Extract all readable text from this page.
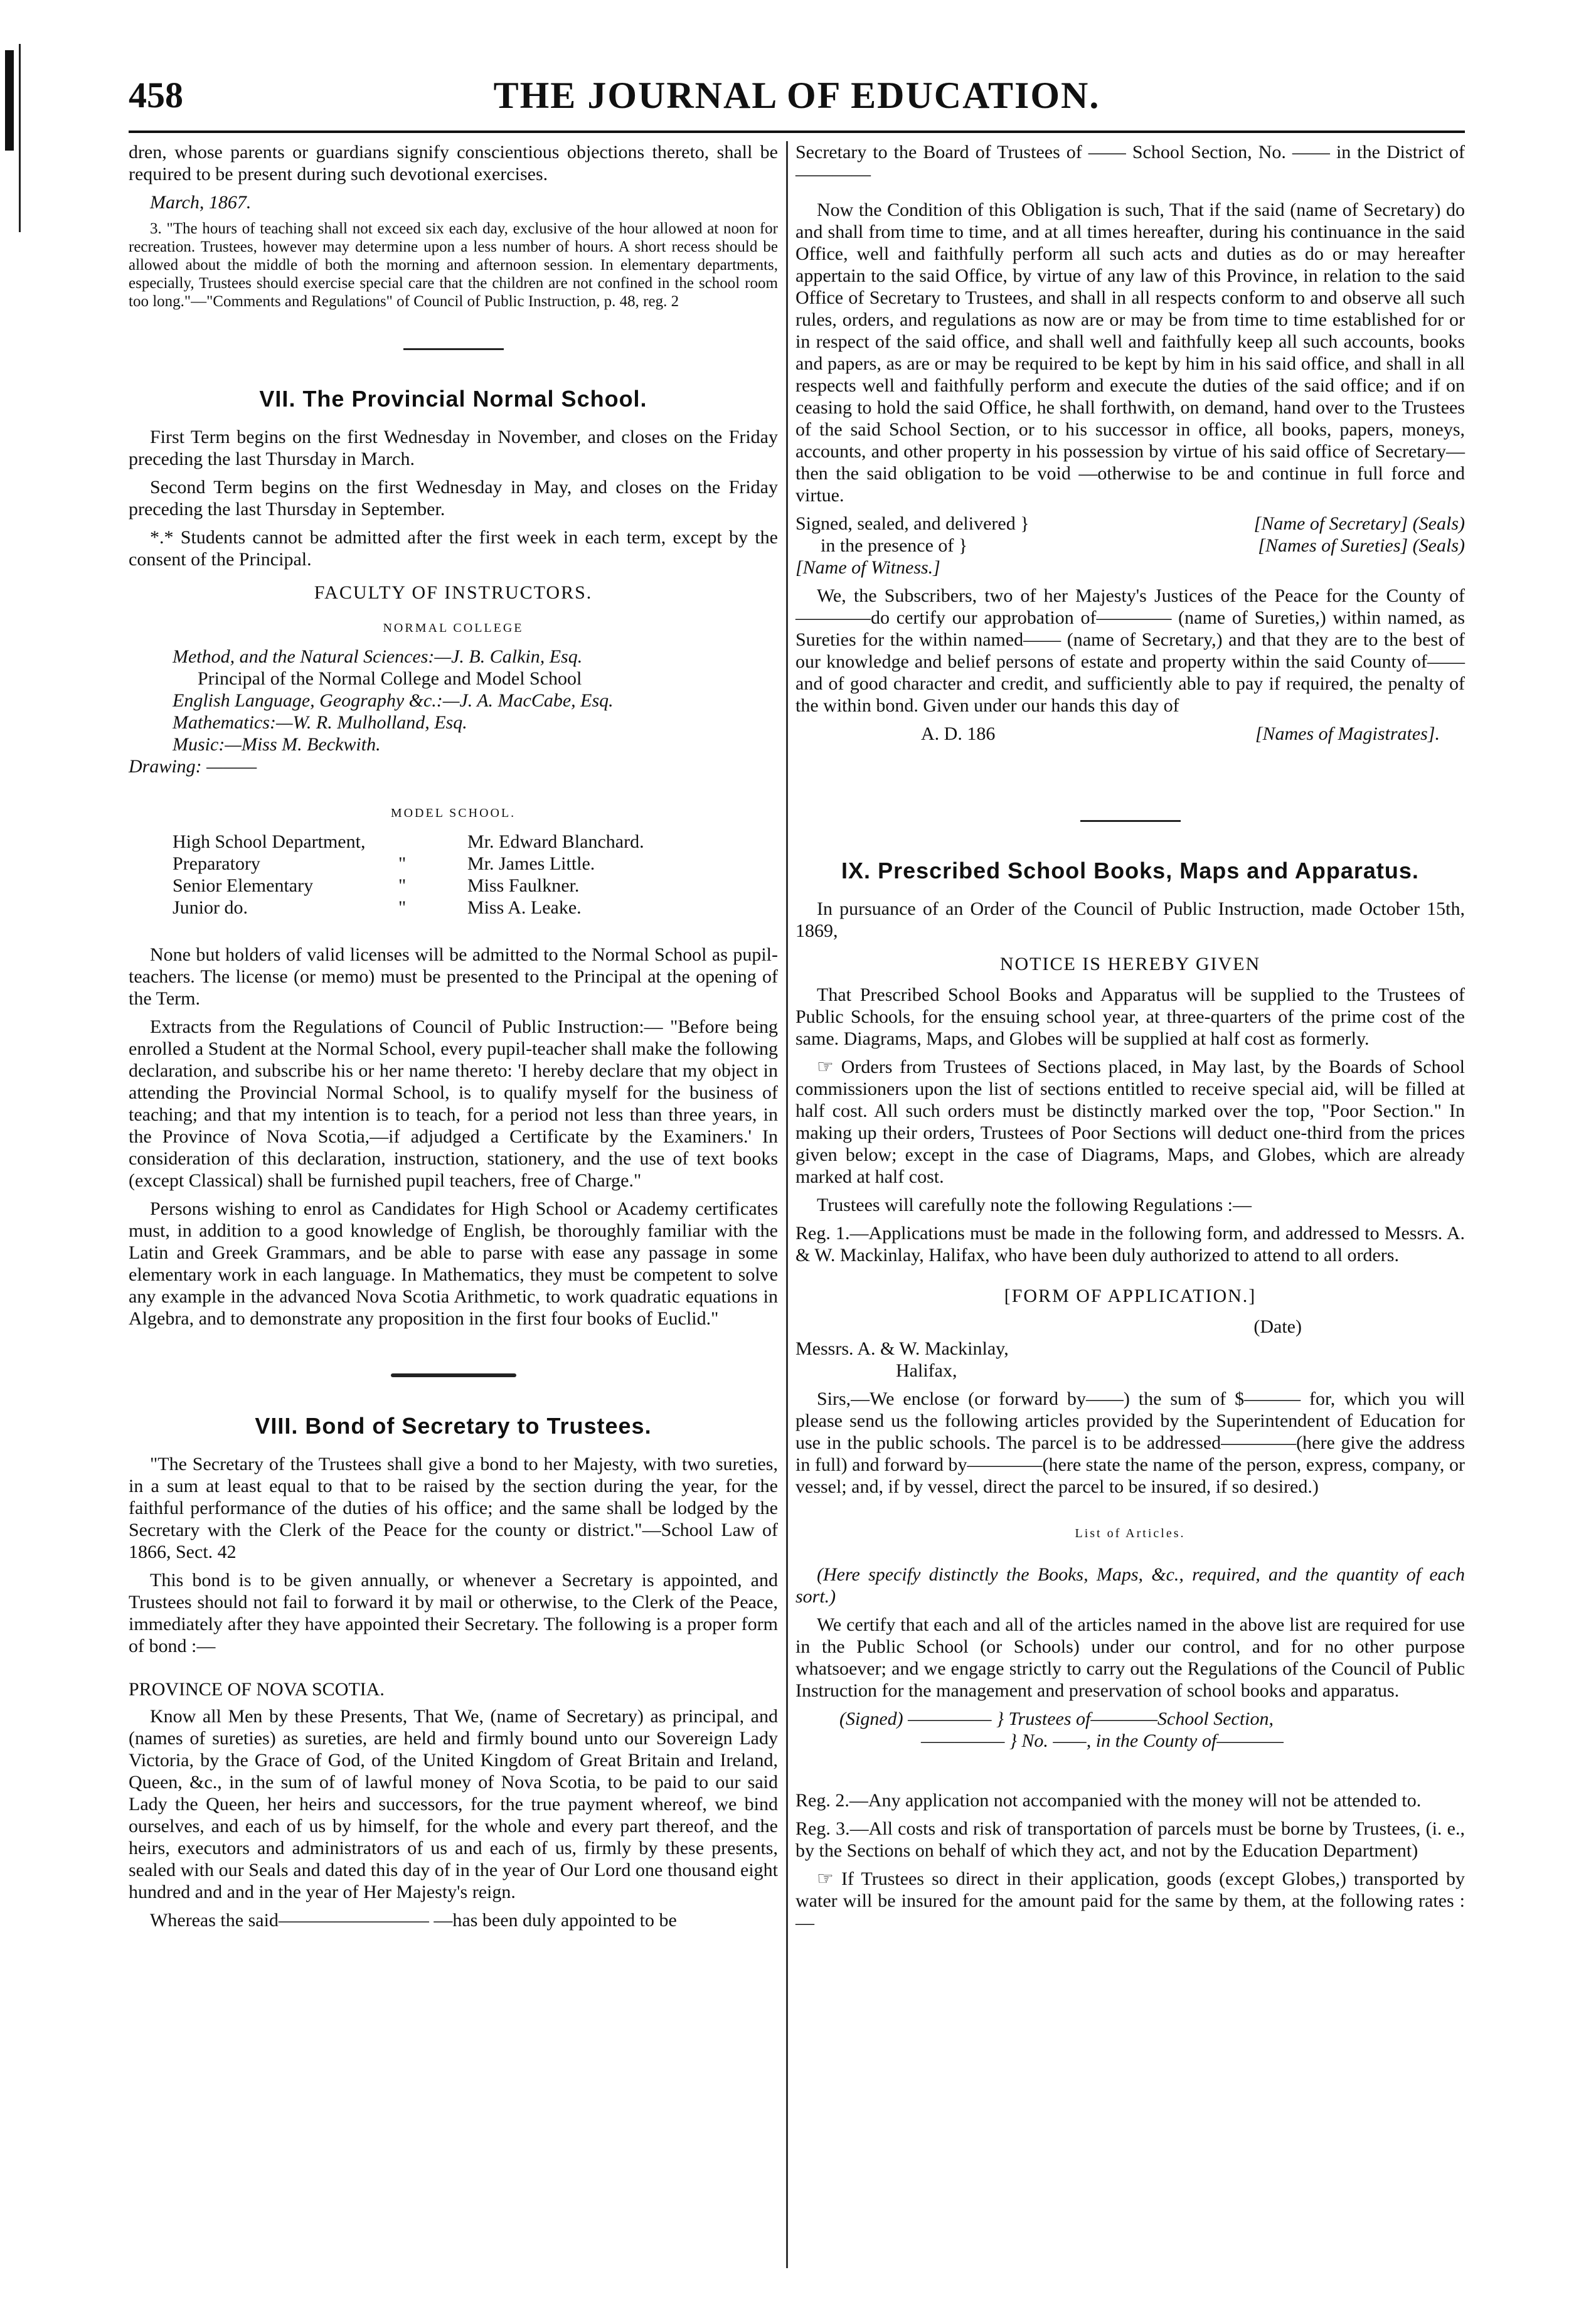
458	THE JOURNAL OF EDUCATION.

dren, whose parents or guardians signify conscientious objections thereto, shall be required to be present during such devotional exercises.

March, 1867.

3. "The hours of teaching shall not exceed six each day, exclusive of the hour allowed at noon for recreation. Trustees, however may determine upon a less number of hours. A short recess should be allowed about the middle of both the morning and afternoon session. In elementary departments, especially, Trustees should exercise special care that the children are not confined in the school room too long."—"Comments and Regulations" of Council of Public Instruction, p. 48, reg. 2

VII. The Provincial Normal School.

First Term begins on the first Wednesday in November, and closes on the Friday preceding the last Thursday in March.

Second Term begins on the first Wednesday in May, and closes on the Friday preceding the last Thursday in September.

*.* Students cannot be admitted after the first week in each term, except by the consent of the Principal.

FACULTY OF INSTRUCTORS.
NORMAL COLLEGE
Method, and the Natural Sciences:—J. B. Calkin, Esq.
Principal of the Normal College and Model School
English Language, Geography &c.:—J. A. MacCabe, Esq.
Mathematics:—W. R. Mulholland, Esq.
Music:—Miss M. Beckwith.
Drawing: ———
MODEL SCHOOL.
High School Department,	Mr. Edward Blanchard.
Preparatory	"	Mr. James Little.
Senior Elementary	"	Miss Faulkner.
Junior do.	"	Miss A. Leake.

None but holders of valid licenses will be admitted to the Normal School as pupil-teachers. The license (or memo) must be presented to the Principal at the opening of the Term.

Extracts from the Regulations of Council of Public Instruction:— "Before being enrolled a Student at the Normal School, every pupil-teacher shall make the following declaration, and subscribe his or her name thereto: 'I hereby declare that my object in attending the Provincial Normal School, is to qualify myself for the business of teaching; and that my intention is to teach, for a period not less than three years, in the Province of Nova Scotia,—if adjudged a Certificate by the Examiners.' In consideration of this declaration, instruction, stationery, and the use of text books (except Classical) shall be furnished pupil teachers, free of Charge."

Persons wishing to enrol as Candidates for High School or Academy certificates must, in addition to a good knowledge of English, be thoroughly familiar with the Latin and Greek Grammars, and be able to parse with ease any passage in some elementary work in each language. In Mathematics, they must be competent to solve any example in the advanced Nova Scotia Arithmetic, to work quadratic equations in Algebra, and to demonstrate any proposition in the first four books of Euclid."

VIII. Bond of Secretary to Trustees.

"The Secretary of the Trustees shall give a bond to her Majesty, with two sureties, in a sum at least equal to that to be raised by the section during the year, for the faithful performance of the duties of his office; and the same shall be lodged by the Secretary with the Clerk of the Peace for the county or district."—School Law of 1866, Sect. 42

This bond is to be given annually, or whenever a Secretary is appointed, and Trustees should not fail to forward it by mail or otherwise, to the Clerk of the Peace, immediately after they have appointed their Secretary. The following is a proper form of bond :—

PROVINCE OF NOVA SCOTIA.

Know all Men by these Presents, That We, (name of Secretary) as principal, and (names of sureties) as sureties, are held and firmly bound unto our Sovereign Lady Victoria, by the Grace of God, of the United Kingdom of Great Britain and Ireland, Queen, &c., in the sum of of lawful money of Nova Scotia, to be paid to our said Lady the Queen, her heirs and successors, for the true payment whereof, we bind ourselves, and each of us by himself, for the whole and every part thereof, and the heirs, executors and administrators of us and each of us, firmly by these presents, sealed with our Seals and dated this day of in the year of Our Lord one thousand eight hundred and and in the year of Her Majesty's reign.

Whereas the said———————— —has been duly appointed to be

Secretary to the Board of Trustees of —— School Section, No. —— in the District of————

Now the Condition of this Obligation is such, That if the said (name of Secretary) do and shall from time to time, and at all times hereafter, during his continuance in the said Office, well and faithfully perform all such acts and duties as do or may hereafter appertain to the said Office, by virtue of any law of this Province, in relation to the said Office of Secretary to Trustees, and shall in all respects conform to and observe all such rules, orders, and regulations as now are or may be from time to time established for or in respect of the said office, and shall well and faithfully keep all such accounts, books and papers, as are or may be required to be kept by him in his said office, and shall in all respects well and faithfully perform and execute the duties of the said office; and if on ceasing to hold the said Office, he shall forthwith, on demand, hand over to the Trustees of the said School Section, or to his successor in office, all books, papers, moneys, accounts, and other property in his possession by virtue of his said office of Secretary—then the said obligation to be void —otherwise to be and continue in full force and virtue.

Signed, sealed, and delivered }	[Name of Secretary] (Seals)
in the presence of }	[Names of Sureties] (Seals)
[Name of Witness.]

We, the Subscribers, two of her Majesty's Justices of the Peace for the County of————do certify our approbation of———— (name of Sureties,) within named, as Sureties for the within named—— (name of Secretary,) and that they are to the best of our knowledge and belief persons of estate and property within the said County of——and of good character and credit, and sufficiently able to pay if required, the penalty of the within bond. Given under our hands this day of

A. D. 186	[Names of Magistrates].
IX. Prescribed School Books, Maps and Apparatus.

In pursuance of an Order of the Council of Public Instruction, made October 15th, 1869,

NOTICE IS HEREBY GIVEN

That Prescribed School Books and Apparatus will be supplied to the Trustees of Public Schools, for the ensuing school year, at three-quarters of the prime cost of the same. Diagrams, Maps, and Globes will be supplied at half cost as formerly.

☞ Orders from Trustees of Sections placed, in May last, by the Boards of School commissioners upon the list of sections entitled to receive special aid, will be filled at half cost. All such orders must be distinctly marked over the top, "Poor Section." In making up their orders, Trustees of Poor Sections will deduct one-third from the prices given below; except in the case of Diagrams, Maps, and Globes, which are already marked at half cost.

Trustees will carefully note the following Regulations :—

Reg. 1.—Applications must be made in the following form, and addressed to Messrs. A. & W. Mackinlay, Halifax, who have been duly authorized to attend to all orders.

[FORM OF APPLICATION.]
(Date)
Messrs. A. & W. Mackinlay,
Halifax,

Sirs,—We enclose (or forward by——) the sum of $——— for, which you will please send us the following articles provided by the Superintendent of Education for use in the public schools. The parcel is to be addressed————(here give the address in full) and forward by————(here state the name of the person, express, company, or vessel; and, if by vessel, direct the parcel to be insured, if so desired.)

List of Articles.

(Here specify distinctly the Books, Maps, &c., required, and the quantity of each sort.)

We certify that each and all of the articles named in the above list are required for use in the Public School (or Schools) under our control, and for no other purpose whatsoever; and we engage strictly to carry out the Regulations of the Council of Public Instruction for the management and preservation of school books and apparatus.

(Signed) ————— } Trustees of————School Section,
————— } No. ——, in the County of————

Reg. 2.—Any application not accompanied with the money will not be attended to.

Reg. 3.—All costs and risk of transportation of parcels must be borne by Trustees, (i. e., by the Sections on behalf of which they act, and not by the Education Department)

☞ If Trustees so direct in their application, goods (except Globes,) transported by water will be insured for the amount paid for the same by them, at the following rates :—
